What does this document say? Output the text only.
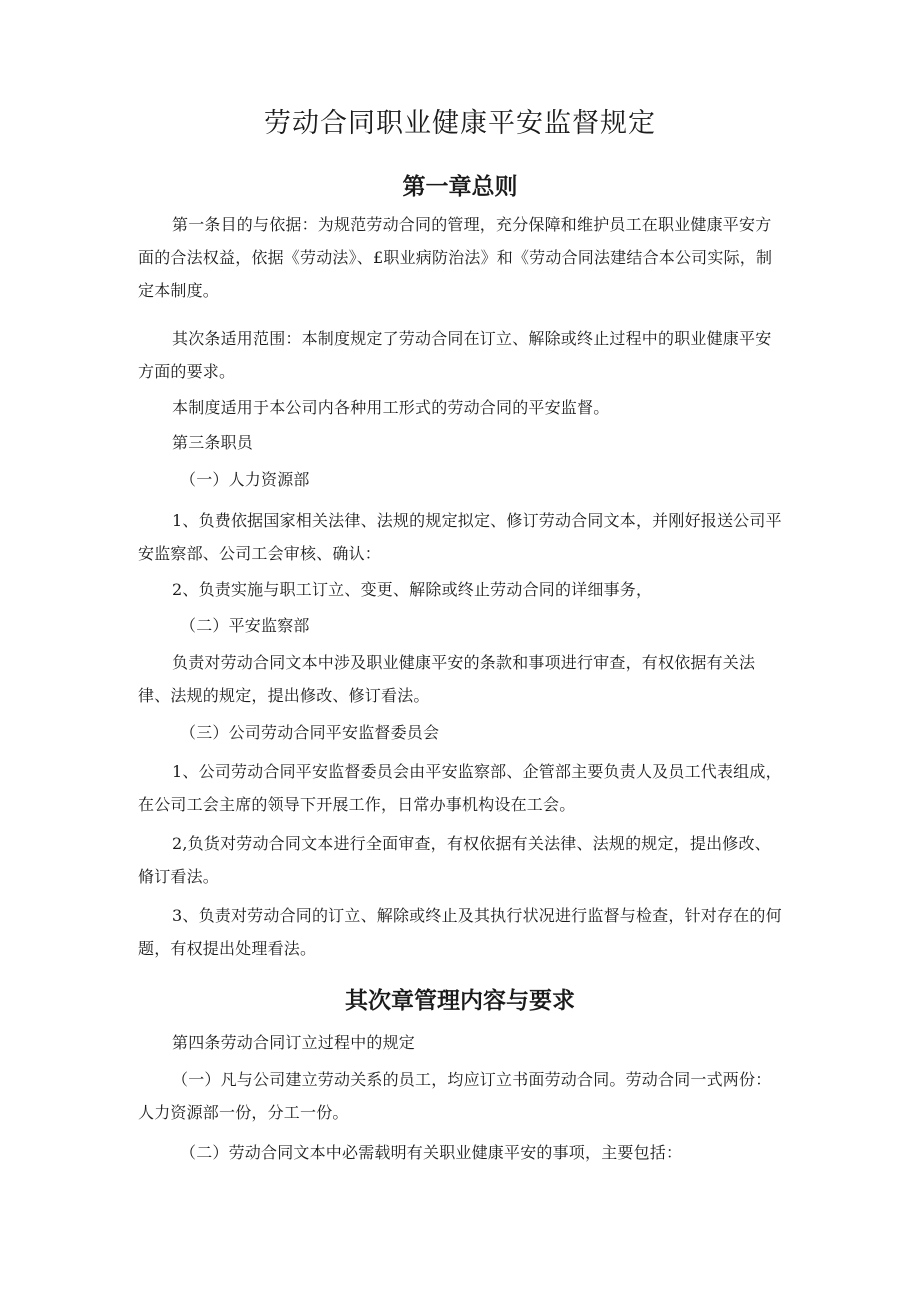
劳动合同职业健康平安监督规定
第一章总则

第一条目的与依据：为规范劳动合同的管理，充分保障和维护员工在职业健康平安方面的合法权益，依据《劳动法》、£职业病防治法》和《劳动合同法建结合本公司实际，制定本制度。

其次条适用范围：本制度规定了劳动合同在订立、解除或终止过程中的职业健康平安方面的要求。

本制度适用于本公司内各种用工形式的劳动合同的平安监督。

第三条职员

（一）人力资源部

1、负费依据国家相关法律、法规的规定拟定、修订劳动合同文本，并刚好报送公司平安监察部、公司工会审核、确认：

2、负责实施与职工订立、变更、解除或终止劳动合同的详细事务，

（二）平安监察部

负责对劳动合同文本中涉及职业健康平安的条款和事项进行审查，有权依据有关法律、法规的规定，提出修改、修订看法。

（三）公司劳动合同平安监督委员会

1、公司劳动合同平安监督委员会由平安监察部、企管部主要负责人及员工代表组成，在公司工会主席的领导下开展工作，日常办事机构设在工会。

2,负货对劳动合同文本进行全面审查，有权依据有关法律、法规的规定，提出修改、脩订看法。

3、负责对劳动合同的订立、解除或终止及其执行状况进行监督与检查，针对存在的何题，有权提出处理看法。

其次章管理内容与要求

第四条劳动合同订立过程中的规定

（一）凡与公司建立劳动关系的员工，均应订立书面劳动合同。劳动合同一式两份：人力资源部一份，分工一份。

（二）劳动合同文本中必需载明有关职业健康平安的事项，主要包括：
